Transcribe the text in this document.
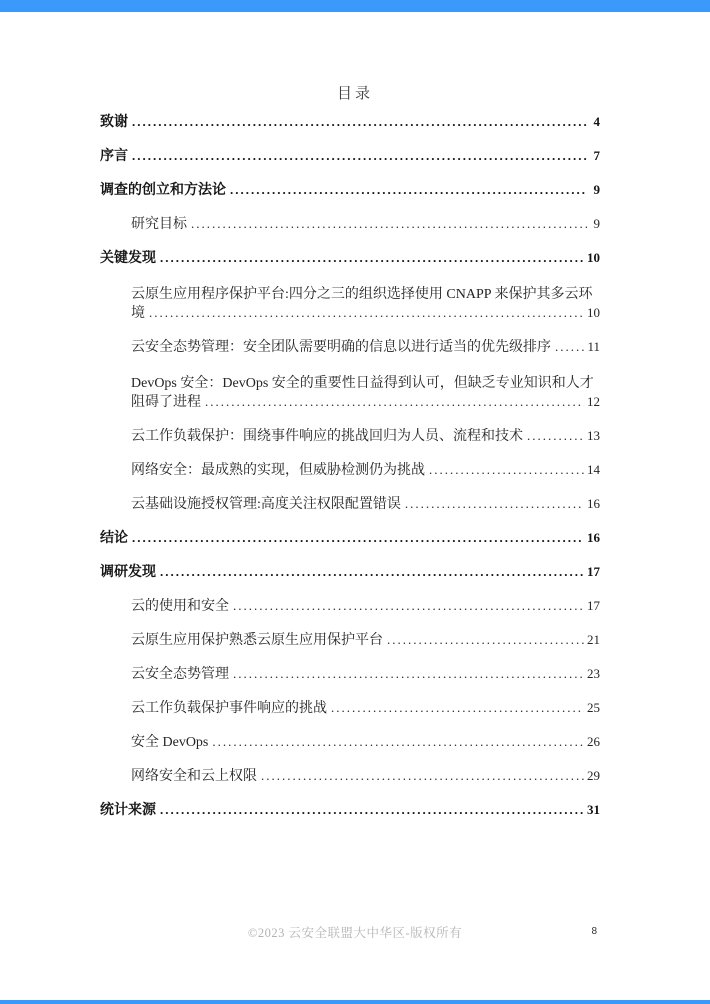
目录
致谢 .....	4
序言 .....	7
调查的创立和方法论 .....	9
研究目标 .....	9
关键发现 .....	10
云原生应用程序保护平台:四分之三的组织选择使用 CNAPP 来保护其多云环
境 .....	10
云安全态势管理：安全团队需要明确的信息以进行适当的优先级排序 .....	11
DevOps 安全：DevOps 安全的重要性日益得到认可，但缺乏专业知识和人才
阻碍了进程 .....	12
云工作负载保护：围绕事件响应的挑战回归为人员、流程和技术 .....	13
网络安全：最成熟的实现，但威胁检测仍为挑战 .....	14
云基础设施授权管理:高度关注权限配置错误 .....	16
结论 .....	16
调研发现 .....	17
云的使用和安全 .....	17
云原生应用保护熟悉云原生应用保护平台 .....	21
云安全态势管理 .....	23
云工作负载保护事件响应的挑战 .....	25
安全 DevOps .....	26
网络安全和云上权限 .....	29
统计来源 .....	31
©2023 云安全联盟大中华区-版权所有	8
